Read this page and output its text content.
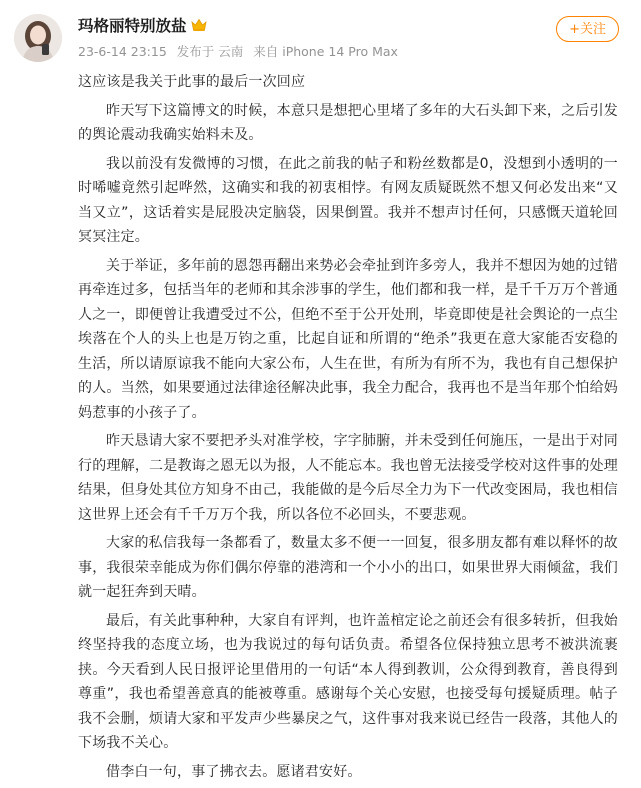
玛格丽特别放盐
23-6-14 23:15 发布于 云南 来自 iPhone 14 Pro Max
+关注

这应该是我关于此事的最后一次回应

昨天写下这篇博文的时候，本意只是想把心里堵了多年的大石头卸下来，之后引发的舆论震动我确实始料未及。

我以前没有发微博的习惯，在此之前我的帖子和粉丝数都是0，没想到小透明的一时唏嘘竟然引起哗然，这确实和我的初衷相悖。有网友质疑既然不想又何必发出来“又当又立”，这话着实是屁股决定脑袋，因果倒置。我并不想声讨任何，只感慨天道轮回冥冥注定。

关于举证，多年前的恩怨再翻出来势必会牵扯到许多旁人，我并不想因为她的过错再牵连过多，包括当年的老师和其余涉事的学生，他们都和我一样，是千千万万个普通人之一，即便曾让我遭受过不公，但绝不至于公开处刑，毕竟即使是社会舆论的一点尘埃落在个人的头上也是万钧之重，比起自证和所谓的“绝杀”我更在意大家能否安稳的生活，所以请原谅我不能向大家公布，人生在世，有所为有所不为，我也有自己想保护的人。当然，如果要通过法律途径解决此事，我全力配合，我再也不是当年那个怕给妈妈惹事的小孩子了。

昨天恳请大家不要把矛头对准学校，字字肺腑，并未受到任何施压，一是出于对同行的理解，二是教诲之恩无以为报，人不能忘本。我也曾无法接受学校对这件事的处理结果，但身处其位方知身不由己，我能做的是今后尽全力为下一代改变困局，我也相信这世界上还会有千千万万个我，所以各位不必回头，不要悲观。

大家的私信我每一条都看了，数量太多不便一一回复，很多朋友都有难以释怀的故事，我很荣幸能成为你们偶尔停靠的港湾和一个小小的出口，如果世界大雨倾盆，我们就一起狂奔到天晴。

最后，有关此事种种，大家自有评判，也许盖棺定论之前还会有很多转折，但我始终坚持我的态度立场，也为我说过的每句话负责。希望各位保持独立思考不被洪流裹挟。今天看到人民日报评论里借用的一句话“本人得到教训，公众得到教育，善良得到尊重”，我也希望善意真的能被尊重。感谢每个关心安慰，也接受每句援疑质理。帖子我不会删，烦请大家和平发声少些暴戾之气，这件事对我来说已经告一段落，其他人的下场我不关心。

借李白一句，事了拂衣去。愿诸君安好。
